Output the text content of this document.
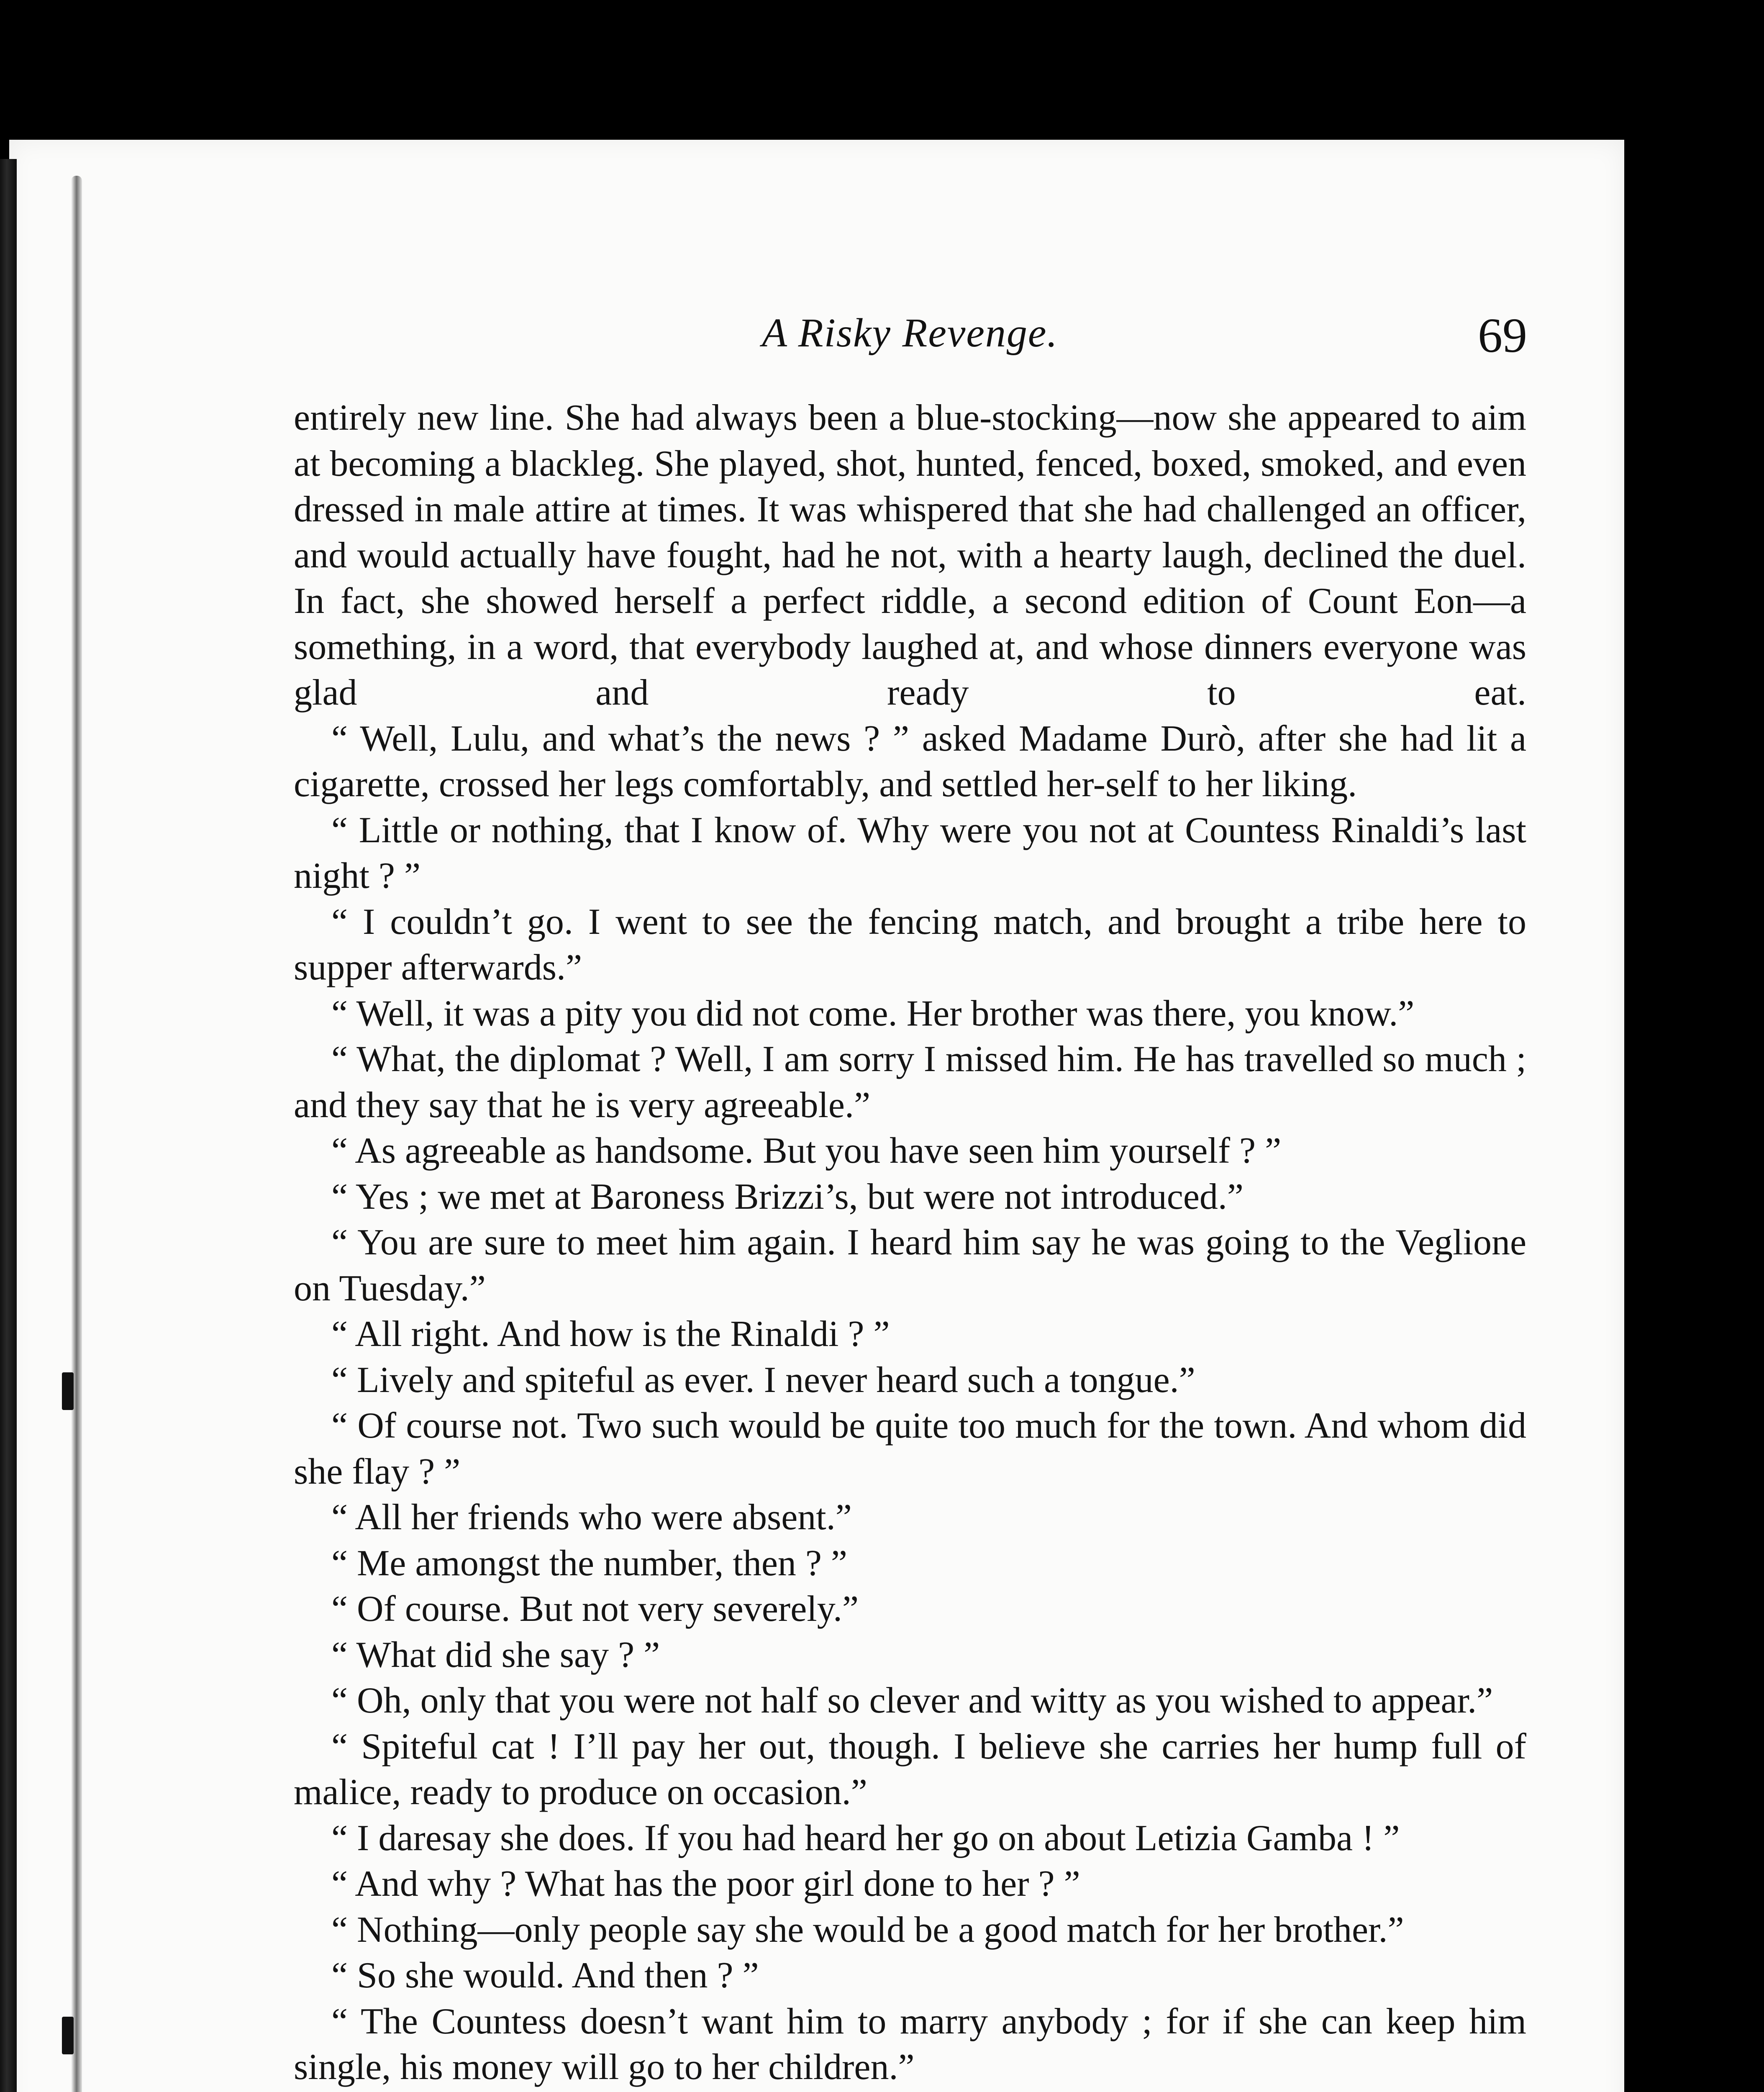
A Risky Revenge.	69

entirely new line. She had always been a blue-stocking—now she appeared to aim at becoming a blackleg. She played, shot, hunted, fenced, boxed, smoked, and even dressed in male attire at times. It was whispered that she had challenged an officer, and would actually have fought, had he not, with a hearty laugh, declined the duel. In fact, she showed herself a perfect riddle, a second edition of Count Eon—a something, in a word, that everybody laughed at, and whose dinners everyone was glad and ready to eat.

“ Well, Lulu, and what’s the news ? ” asked Madame Durò, after she had lit a cigarette, crossed her legs comfortably, and settled her-self to her liking.

“ Little or nothing, that I know of. Why were you not at Countess Rinaldi’s last night ? ”

“ I couldn’t go. I went to see the fencing match, and brought a tribe here to supper afterwards.”

“ Well, it was a pity you did not come. Her brother was there, you know.”

“ What, the diplomat ? Well, I am sorry I missed him. He has travelled so much ; and they say that he is very agreeable.”

“ As agreeable as handsome. But you have seen him yourself ? ”

“ Yes ; we met at Baroness Brizzi’s, but were not introduced.”

“ You are sure to meet him again. I heard him say he was going to the Veglione on Tuesday.”

“ All right. And how is the Rinaldi ? ”

“ Lively and spiteful as ever. I never heard such a tongue.”

“ Of course not. Two such would be quite too much for the town. And whom did she flay ? ”

“ All her friends who were absent.”

“ Me amongst the number, then ? ”

“ Of course. But not very severely.”

“ What did she say ? ”

“ Oh, only that you were not half so clever and witty as you wished to appear.”

“ Spiteful cat ! I’ll pay her out, though. I believe she carries her hump full of malice, ready to produce on occasion.”

“ I daresay she does. If you had heard her go on about Letizia Gamba ! ”

“ And why ? What has the poor girl done to her ? ”

“ Nothing—only people say she would be a good match for her brother.”

“ So she would. And then ? ”

“ The Countess doesn’t want him to marry anybody ; for if she can keep him single, his money will go to her children.”
